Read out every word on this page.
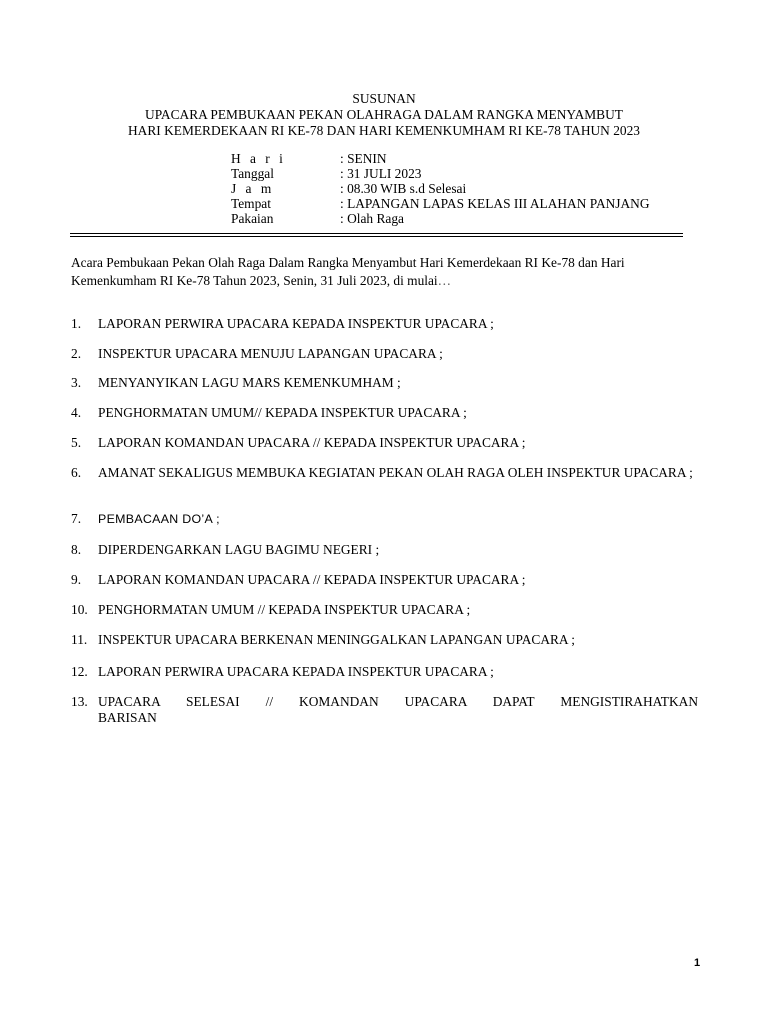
SUSUNAN
UPACARA PEMBUKAAN PEKAN OLAHRAGA DALAM RANGKA MENYAMBUT
HARI KEMERDEKAAN RI KE-78 DAN HARI KEMENKUMHAM RI KE-78 TAHUN 2023
H a r i	: SENIN
Tanggal	: 31 JULI 2023
J a m	: 08.30 WIB s.d Selesai
Tempat	: LAPANGAN LAPAS KELAS III ALAHAN PANJANG
Pakaian	: Olah Raga
Acara Pembukaan Pekan Olah Raga Dalam Rangka Menyambut Hari Kemerdekaan RI Ke-78 dan Hari Kemenkumham RI Ke-78 Tahun 2023, Senin, 31 Juli 2023, di mulai…
1.	LAPORAN PERWIRA UPACARA KEPADA INSPEKTUR UPACARA ;
2.	INSPEKTUR UPACARA MENUJU LAPANGAN UPACARA ;
3.	MENYANYIKAN LAGU MARS KEMENKUMHAM ;
4.	PENGHORMATAN UMUM// KEPADA INSPEKTUR UPACARA ;
5.	LAPORAN KOMANDAN UPACARA // KEPADA INSPEKTUR UPACARA ;
6.	AMANAT SEKALIGUS MEMBUKA KEGIATAN PEKAN OLAH RAGA OLEH INSPEKTUR UPACARA ;
7.	PEMBACAAN DO’A ;
8.	DIPERDENGARKAN LAGU BAGIMU NEGERI ;
9.	LAPORAN KOMANDAN UPACARA // KEPADA INSPEKTUR UPACARA ;
10. PENGHORMATAN UMUM // KEPADA INSPEKTUR UPACARA ;
11. INSPEKTUR UPACARA BERKENAN MENINGGALKAN LAPANGAN UPACARA ;
12. LAPORAN PERWIRA UPACARA KEPADA INSPEKTUR UPACARA ;
13. UPACARA SELESAI // KOMANDAN UPACARA DAPAT MENGISTIRAHATKAN
BARISAN
1
